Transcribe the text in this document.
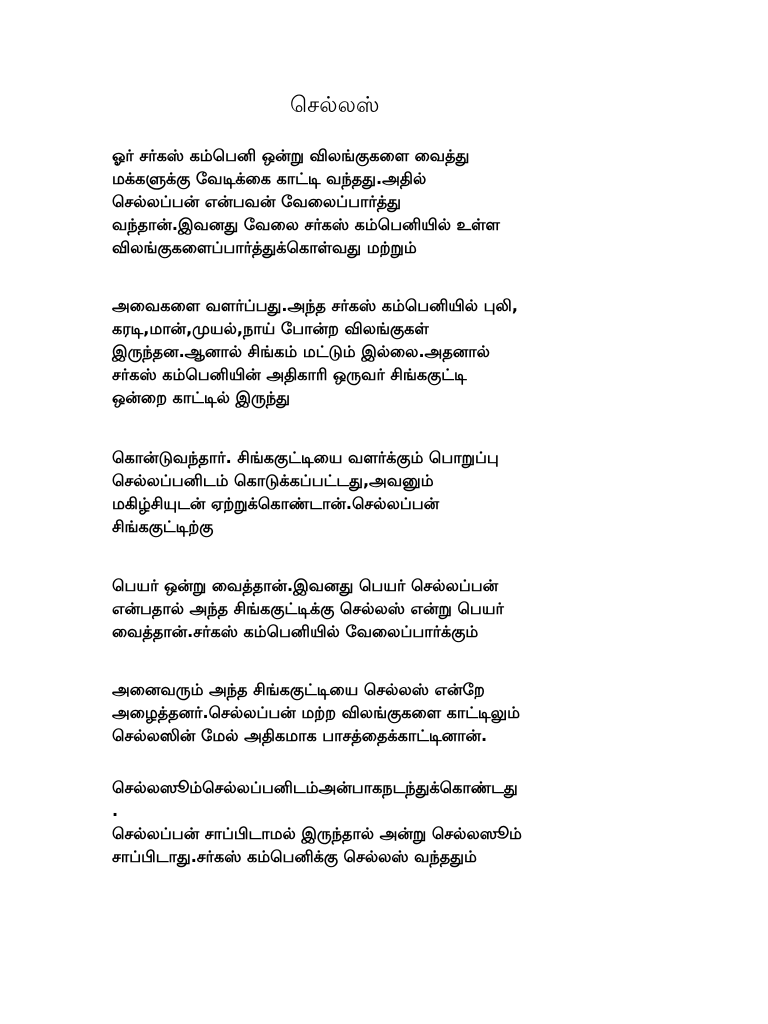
செல்லஸ்
ஓர் சர்கஸ் கம்பெனி ஒன்று விலங்குகளை வைத்து
மக்களுக்கு வேடிக்கை காட்டி வந்தது.அதில்
செல்லப்பன் என்பவன் வேலைப்பார்த்து
வந்தான்.இவனது வேலை சர்கஸ் கம்பெனியில் உள்ள
விலங்குகளைப்பார்த்துக்கொள்வது மற்றும்
அவைகளை வளர்ப்பது.அந்த சர்கஸ் கம்பெனியில் புலி,
கரடி,மான்,முயல்,நாய் போன்ற விலங்குகள்
இருந்தன.ஆனால் சிங்கம் மட்டும் இல்லை.அதனால்
சர்கஸ் கம்பெனியின் அதிகாரி ஒருவர் சிங்ககுட்டி
ஒன்றை காட்டில் இருந்து
கொன்டுவந்தார். சிங்ககுட்டியை வளர்க்கும் பொறுப்பு
செல்லப்பனிடம் கொடுக்கப்பட்டது,அவனும்
மகிழ்சியுடன் ஏற்றுக்கொண்டான்.செல்லப்பன்
சிங்ககுட்டிற்கு
பெயர் ஒன்று வைத்தான்.இவனது பெயர் செல்லப்பன்
என்பதால் அந்த சிங்ககுட்டிக்கு செல்லஸ் என்று பெயர்
வைத்தான்.சர்கஸ் கம்பெனியில் வேலைப்பார்க்கும்
அனைவரும் அந்த சிங்ககுட்டியை செல்லஸ் என்றே
அழைத்தனர்.செல்லப்பன் மற்ற விலங்குகளை காட்டிலும்
செல்லஸின் மேல் அதிகமாக பாசத்தைக்காட்டினான்.
செல்லஸூம்செல்லப்பனிடம்அன்பாகநடந்துக்கொண்டது
.
செல்லப்பன் சாப்பிடாமல் இருந்தால் அன்று செல்லஸூம்
சாப்பிடாது.சர்கஸ் கம்பெனிக்கு செல்லஸ் வந்ததும்
